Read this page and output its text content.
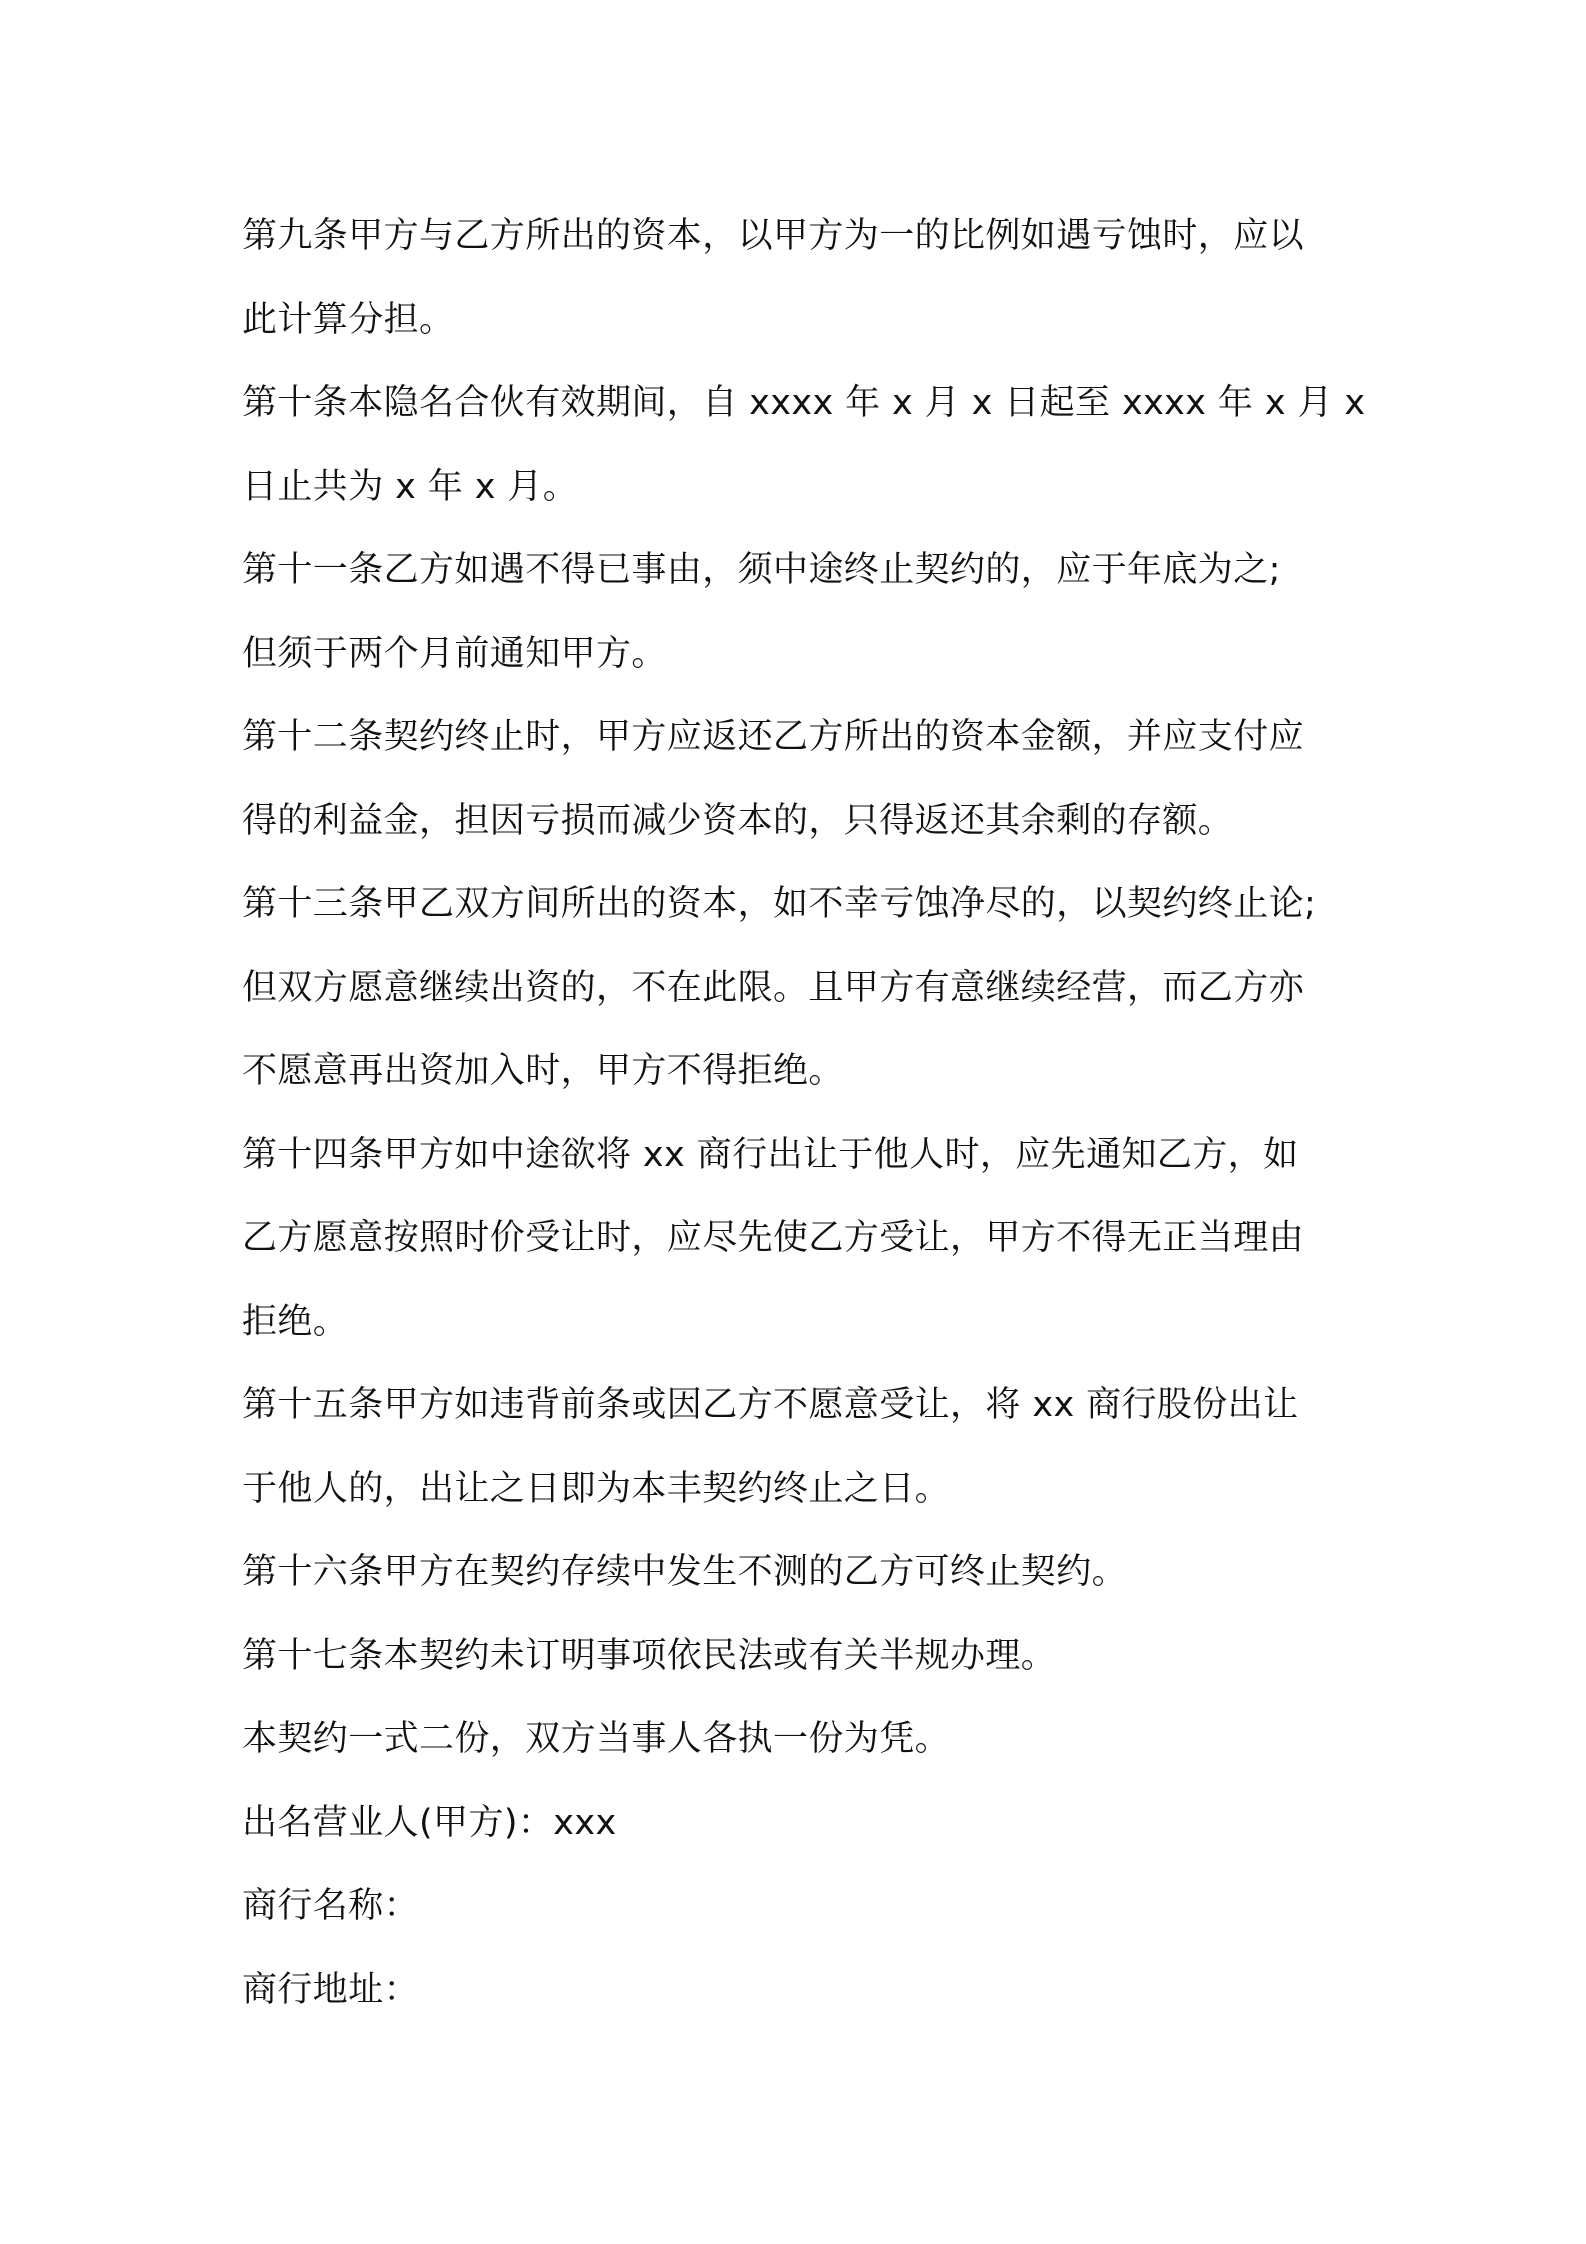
第九条甲方与乙方所出的资本，以甲方为一的比例如遇亏蚀时，应以
此计算分担。
第十条本隐名合伙有效期间，自 xxxx 年 x 月 x 日起至 xxxx 年 x 月 x
日止共为 x 年 x 月。
第十一条乙方如遇不得已事由，须中途终止契约的，应于年底为之;
但须于两个月前通知甲方。
第十二条契约终止时，甲方应返还乙方所出的资本金额，并应支付应
得的利益金，担因亏损而减少资本的，只得返还其余剩的存额。
第十三条甲乙双方间所出的资本，如不幸亏蚀净尽的，以契约终止论;
但双方愿意继续出资的，不在此限。且甲方有意继续经营，而乙方亦
不愿意再出资加入时，甲方不得拒绝。
第十四条甲方如中途欲将 xx 商行出让于他人时，应先通知乙方，如
乙方愿意按照时价受让时，应尽先使乙方受让，甲方不得无正当理由
拒绝。
第十五条甲方如违背前条或因乙方不愿意受让，将 xx 商行股份出让
于他人的，出让之日即为本丰契约终止之日。
第十六条甲方在契约存续中发生不测的乙方可终止契约。
第十七条本契约未订明事项依民法或有关半规办理。
本契约一式二份，双方当事人各执一份为凭。
出名营业人(甲方)：xxx
商行名称：
商行地址：
